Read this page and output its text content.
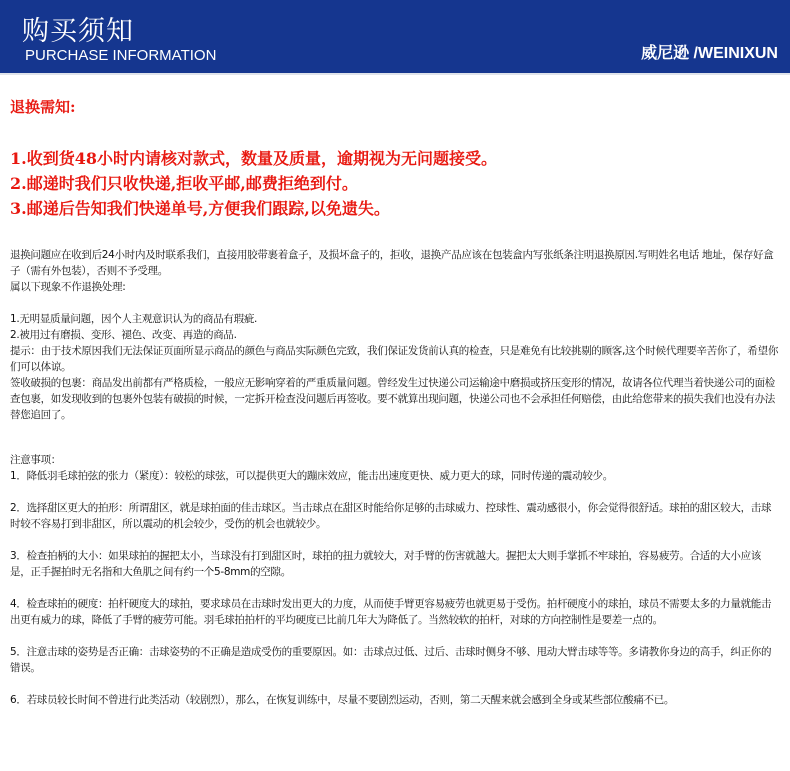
购买须知
PURCHASE INFORMATION	威尼逊 /WEINIXUN
退换需知:

1.收到货48小时内请核对款式，数量及质量，逾期视为无问题接受。

2.邮递时我们只收快递,拒收平邮,邮费拒绝到付。

3.邮递后告知我们快递单号,方便我们跟踪,以免遗失。

退换问题应在收到后24小时内及时联系我们，直接用胶带裹着盒子，及损坏盒子的，拒收，退换产品应该在包装盒内写张纸条注明退换原因.写明姓名电话 地址，保存好盒子（需有外包装），否则不予受理。

属以下现象不作退换处理:

1.无明显质量问题，因个人主观意识认为的商品有瑕疵.

2.被用过有磨损、变形、褪色、改变、再造的商品.

提示：由于技术原因我们无法保证页面所显示商品的颜色与商品实际颜色完致，我们保证发货前认真的检查，只是难免有比较挑剔的顾客,这个时候代理要辛苦你了，希望你们可以体谅。

签收破损的包裹：商品发出前都有严格质检，一般应无影响穿着的严重质量问题。曾经发生过快递公司运输途中磨损或挤压变形的情况，故请各位代理当着快递公司的面检查包裹，如发现收到的包裹外包装有破损的时候，一定拆开检查没问题后再签收。要不就算出现问题，快递公司也不会承担任何赔偿，由此给您带来的损失我们也没有办法替您追回了。

注意事项：

1．降低羽毛球拍弦的张力（紧度）：较松的球弦，可以提供更大的蹦床效应，能击出速度更快、威力更大的球，同时传递的震动较少。

2．选择甜区更大的拍形：所谓甜区，就是球拍面的佳击球区。当击球点在甜区时能给你足够的击球威力、控球性、震动感很小，你会觉得很舒适。球拍的甜区较大，击球时较不容易打到非甜区，所以震动的机会较少，受伤的机会也就较少。

3．检查拍柄的大小：如果球拍的握把太小，当球没有打到甜区时，球拍的扭力就较大，对手臂的伤害就越大。握把太大则手掌抓不牢球拍，容易疲劳。合适的大小应该是，正手握拍时无名指和大鱼肌之间有约一个5-8mm的空隙。

4．检查球拍的硬度：拍杆硬度大的球拍，要求球员在击球时发出更大的力度，从而使手臂更容易疲劳也就更易于受伤。拍杆硬度小的球拍，球员不需要太多的力量就能击出更有威力的球，降低了手臂的疲劳可能。羽毛球拍拍杆的平均硬度已比前几年大为降低了。当然较软的拍杆，对球的方向控制性是要差一点的。

5．注意击球的姿势是否正确：击球姿势的不正确是造成受伤的重要原因。如：击球点过低、过后、击球时侧身不够、甩动大臂击球等等。多请教你身边的高手，纠正你的错误。

6．若球员较长时间不曾进行此类活动（较剧烈），那么，在恢复训练中，尽量不要剧烈运动，否则，第二天醒来就会感到全身或某些部位酸痛不已。
